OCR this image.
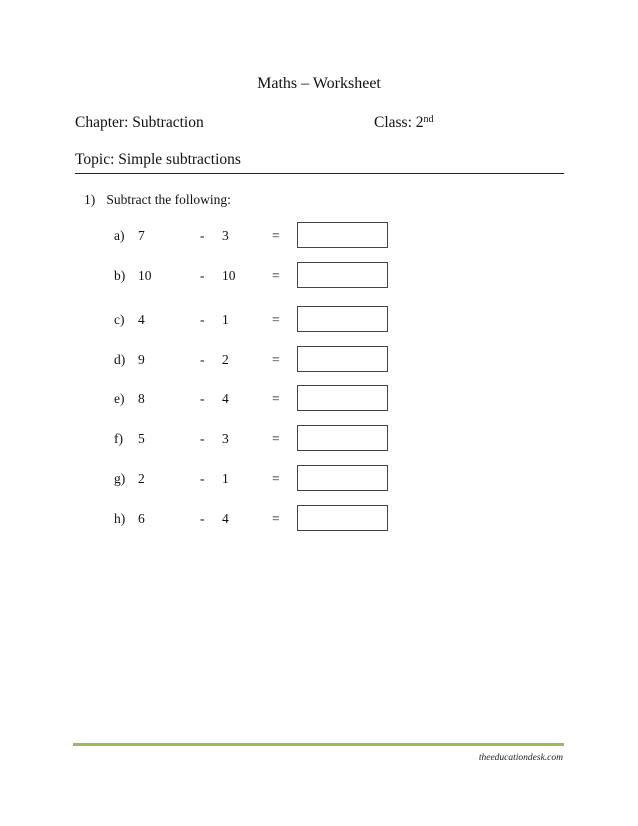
Maths – Worksheet
Chapter: Subtraction	Class: 2nd
Topic: Simple subtractions
1) Subtract the following:
a) 7	- 3	=
b) 10	- 10	=
c) 4	- 1	=
d) 9	- 2	=
e) 8	- 4	=
f) 5	- 3	=
g) 2	- 1	=
h) 6	- 4	=
theeducationdesk.com
